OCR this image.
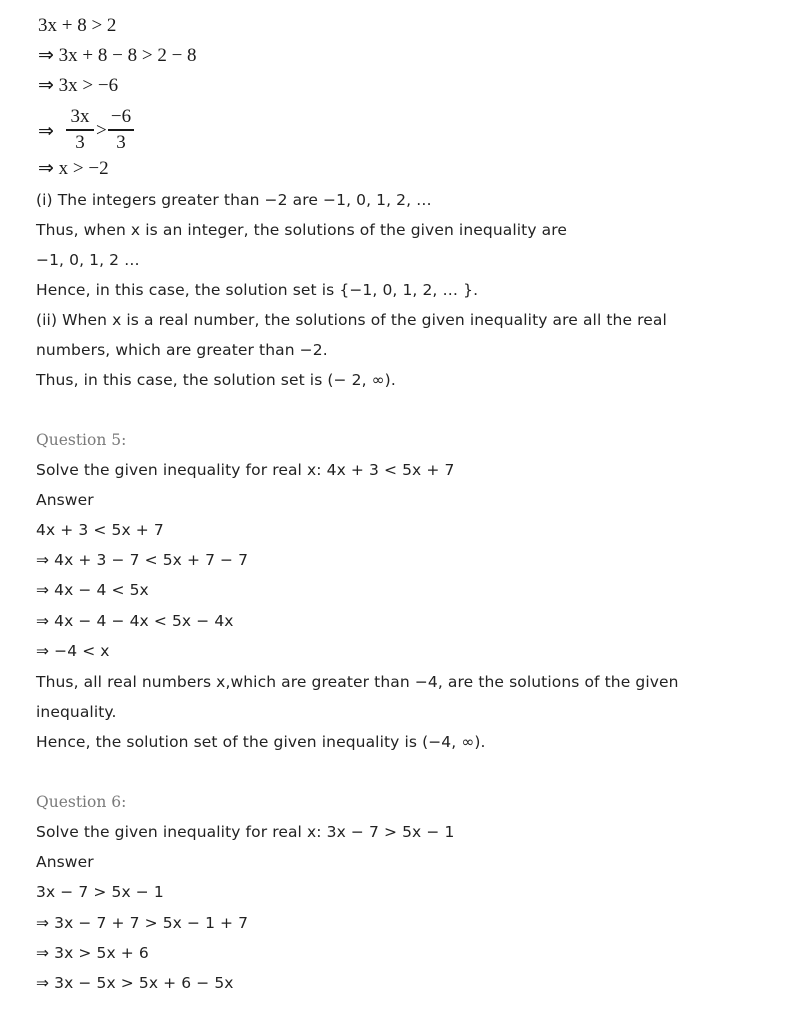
3x + 8 > 2
⇒ 3x + 8 − 8 > 2 − 8
⇒ 3x > −6
⇒
3x
3
>
−6
3
⇒ x > −2
(i) The integers greater than −2 are −1, 0, 1, 2, …
Thus, when x is an integer, the solutions of the given inequality are
−1, 0, 1, 2 …
Hence, in this case, the solution set is {−1, 0, 1, 2, … }.
(ii) When x is a real number, the solutions of the given inequality are all the real
numbers, which are greater than −2.
Thus, in this case, the solution set is (− 2, ∞).
Question 5:
Solve the given inequality for real x: 4x + 3 < 5x + 7
Answer
4x + 3 < 5x + 7
⇒ 4x + 3 − 7 < 5x + 7 − 7
⇒ 4x − 4 < 5x
⇒ 4x − 4 − 4x < 5x − 4x
⇒ −4 < x
Thus, all real numbers x,which are greater than −4, are the solutions of the given
inequality.
Hence, the solution set of the given inequality is (−4, ∞).
Question 6:
Solve the given inequality for real x: 3x − 7 > 5x − 1
Answer
3x − 7 > 5x − 1
⇒ 3x − 7 + 7 > 5x − 1 + 7
⇒ 3x > 5x + 6
⇒ 3x − 5x > 5x + 6 − 5x
